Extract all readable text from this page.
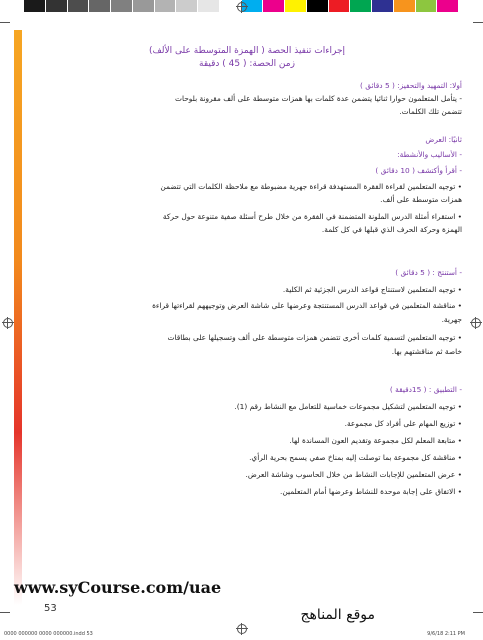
إجراءات تنفيذ الحصة ( الهمزة المتوسطة على الألف)
زمن الحصة: ( 45 ) دقيقة
أولا: التمهيد والتحفيز: ( 5 دقائق )
- يتأمل المتعلمون حوارا ثنائيا يتضمن عدة كلمات بها همزات متوسطة على ألف مقرونة بلوحات
تتضمن تلك الكلمات.
ثانيًا: العرض
- الأساليب والأنشطة:
- أقرأ وأكتشف ( 10 دقائق )
• توجيه المتعلمين لقراءة الفقرة المستهدفة قراءة جهرية مضبوطة مع ملاحظة الكلمات التي تتضمن
همزات متوسطة على ألف.
• استقراء أمثلة الدرس الملونة المتضمنة في الفقرة من خلال طرح أسئلة صفية متنوعة حول حركة
الهمزة وحركة الحرف الذي قبلها في كل كلمة.
- أستنتج : ( 5 دقائق )
• توجيه المتعلمين لاستنتاج قواعد الدرس الجزئية ثم الكلية.
• مناقشة المتعلمين في قواعد الدرس المستنتجة وعرضها على شاشة العرض وتوجيههم لقراءتها قراءة
جهرية.
• توجيه المتعلمين لتسمية كلمات أخرى تتضمن همزات متوسطة على ألف وتسجيلها على بطاقات
خاصة ثم مناقشتهم بها.
- التطبيق : ( 15دقيقة )
• توجيه المتعلمين لتشكيل مجموعات خماسية للتعامل مع النشاط رقم (1).
• توزيع المهام على أفراد كل مجموعة.
• متابعة المعلم لكل مجموعة وتقديم العون المساندة لها.
• مناقشة كل مجموعة بما توصلت إليه بمناخ صفي يسمح بحرية الرأي.
• عرض المتعلمين للإجابات النشاط من خلال الحاسوب وشاشة العرض.
• الاتفاق على إجابة موحدة للنشاط وعرضها أمام المتعلمين.
www.syCourse.com/uae
53	موقع المناهج
0000 000000 0000 000000.indd 53	9/6/18 2:11 PM
